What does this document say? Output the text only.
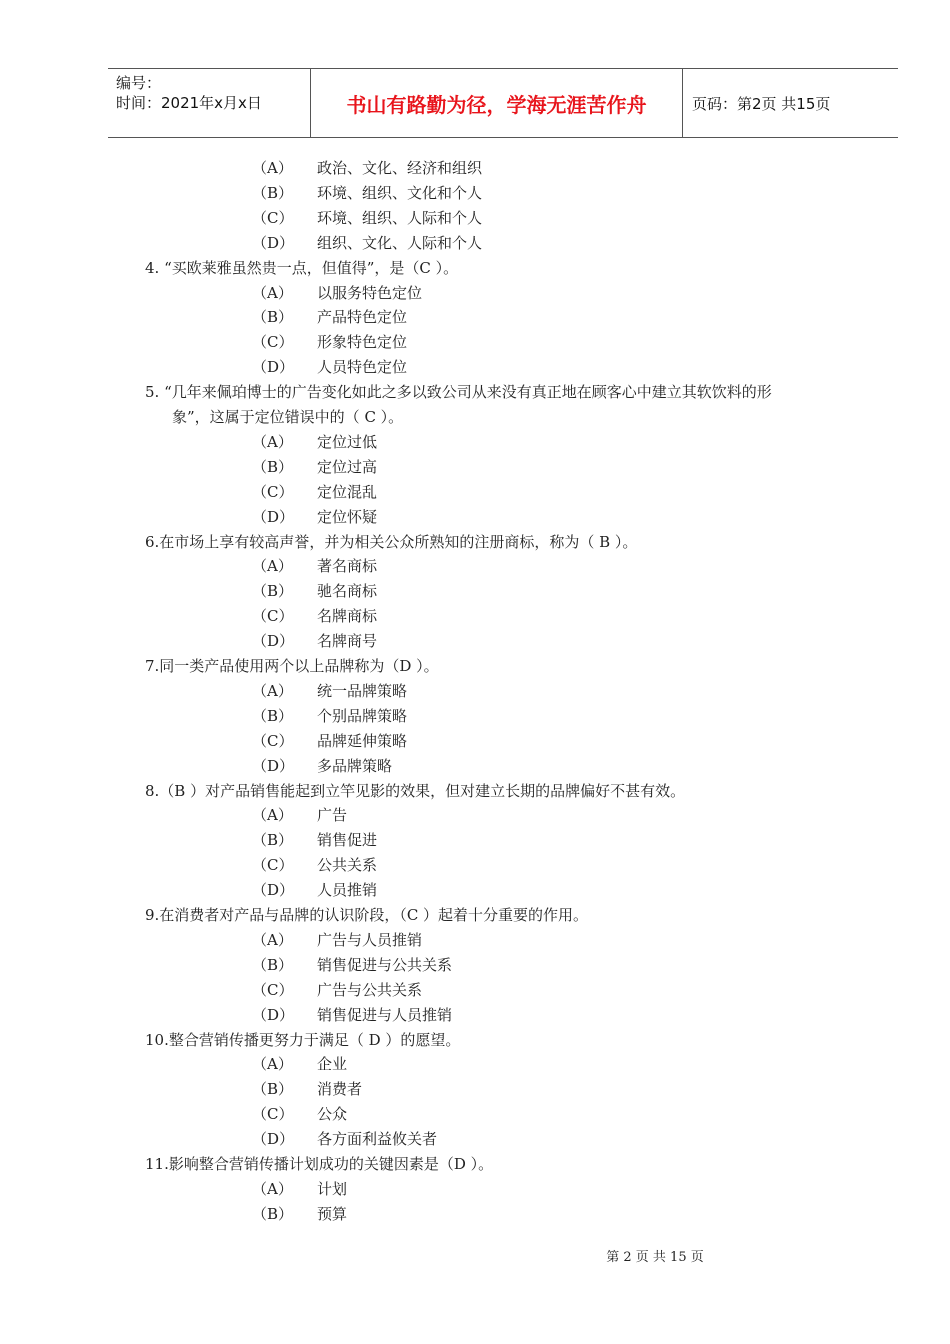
编号：
时间：2021年x月x日	书山有路勤为径，学海无涯苦作舟	页码：第2页 共15页
（A） 政治、文化、经济和组织
（B） 环境、组织、文化和个人
（C） 环境、组织、人际和个人
（D） 组织、文化、人际和个人
4. “买欧莱雅虽然贵一点，但值得”，是（C ）。
（A） 以服务特色定位
（B） 产品特色定位
（C） 形象特色定位
（D） 人员特色定位
5. “几年来佩珀博士的广告变化如此之多以致公司从来没有真正地在顾客心中建立其软饮料的形
象”，这属于定位错误中的（ C ）。
（A） 定位过低
（B） 定位过高
（C） 定位混乱
（D） 定位怀疑
6.在市场上享有较高声誉，并为相关公众所熟知的注册商标，称为（ B ）。
（A） 著名商标
（B） 驰名商标
（C） 名牌商标
（D） 名牌商号
7.同一类产品使用两个以上品牌称为（D ）。
（A） 统一品牌策略
（B） 个别品牌策略
（C） 品牌延伸策略
（D） 多品牌策略
8.（B ）对产品销售能起到立竿见影的效果，但对建立长期的品牌偏好不甚有效。
（A） 广告
（B） 销售促进
（C） 公共关系
（D） 人员推销
9.在消费者对产品与品牌的认识阶段，（C ）起着十分重要的作用。
（A） 广告与人员推销
（B） 销售促进与公共关系
（C） 广告与公共关系
（D） 销售促进与人员推销
10.整合营销传播更努力于满足（ D ）的愿望。
（A） 企业
（B） 消费者
（C） 公众
（D） 各方面利益攸关者
11.影响整合营销传播计划成功的关键因素是（D ）。
（A） 计划
（B） 预算
第 2 页 共 15 页
